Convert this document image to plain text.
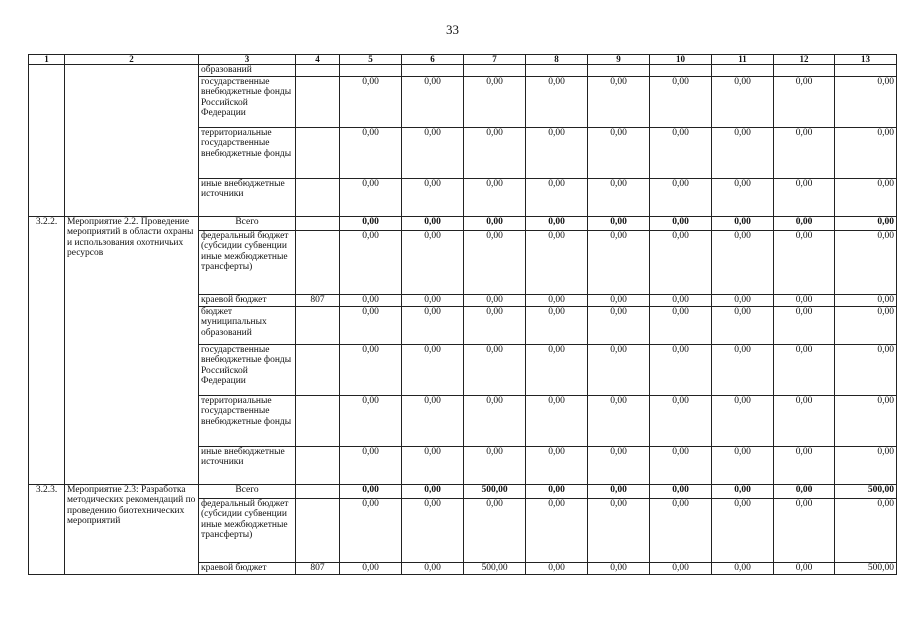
33
1	2	3	4	5	6	7	8	9	10	11	12	13
		образований										
		государственные внебюджетные фонды Российской Федерации		0,00	0,00	0,00	0,00	0,00	0,00	0,00	0,00	0,00
		территориальные государственные внебюджетные фонды		0,00	0,00	0,00	0,00	0,00	0,00	0,00	0,00	0,00
		иные внебюджетные источники		0,00	0,00	0,00	0,00	0,00	0,00	0,00	0,00	0,00
3.2.2.	Мероприятие 2.2. Проведение мероприятий в области охраны и использования охотничьих ресурсов	Всего		0,00	0,00	0,00	0,00	0,00	0,00	0,00	0,00	0,00
		федеральный бюджет (субсидии субвенции иные межбюджетные трансферты)		0,00	0,00	0,00	0,00	0,00	0,00	0,00	0,00	0,00
		краевой бюджет	807	0,00	0,00	0,00	0,00	0,00	0,00	0,00	0,00	0,00
		бюджет муниципальных образований		0,00	0,00	0,00	0,00	0,00	0,00	0,00	0,00	0,00
		государственные внебюджетные фонды Российской Федерации		0,00	0,00	0,00	0,00	0,00	0,00	0,00	0,00	0,00
		территориальные государственные внебюджетные фонды		0,00	0,00	0,00	0,00	0,00	0,00	0,00	0,00	0,00
		иные внебюджетные источники		0,00	0,00	0,00	0,00	0,00	0,00	0,00	0,00	0,00
3.2.3.	Мероприятие 2.3: Разработка методических рекомендаций по проведению биотехнических мероприятий	Всего		0,00	0,00	500,00	0,00	0,00	0,00	0,00	0,00	500,00
		федеральный бюджет (субсидии субвенции иные межбюджетные трансферты)		0,00	0,00	0,00	0,00	0,00	0,00	0,00	0,00	0,00
		краевой бюджет	807	0,00	0,00	500,00	0,00	0,00	0,00	0,00	0,00	500,00
